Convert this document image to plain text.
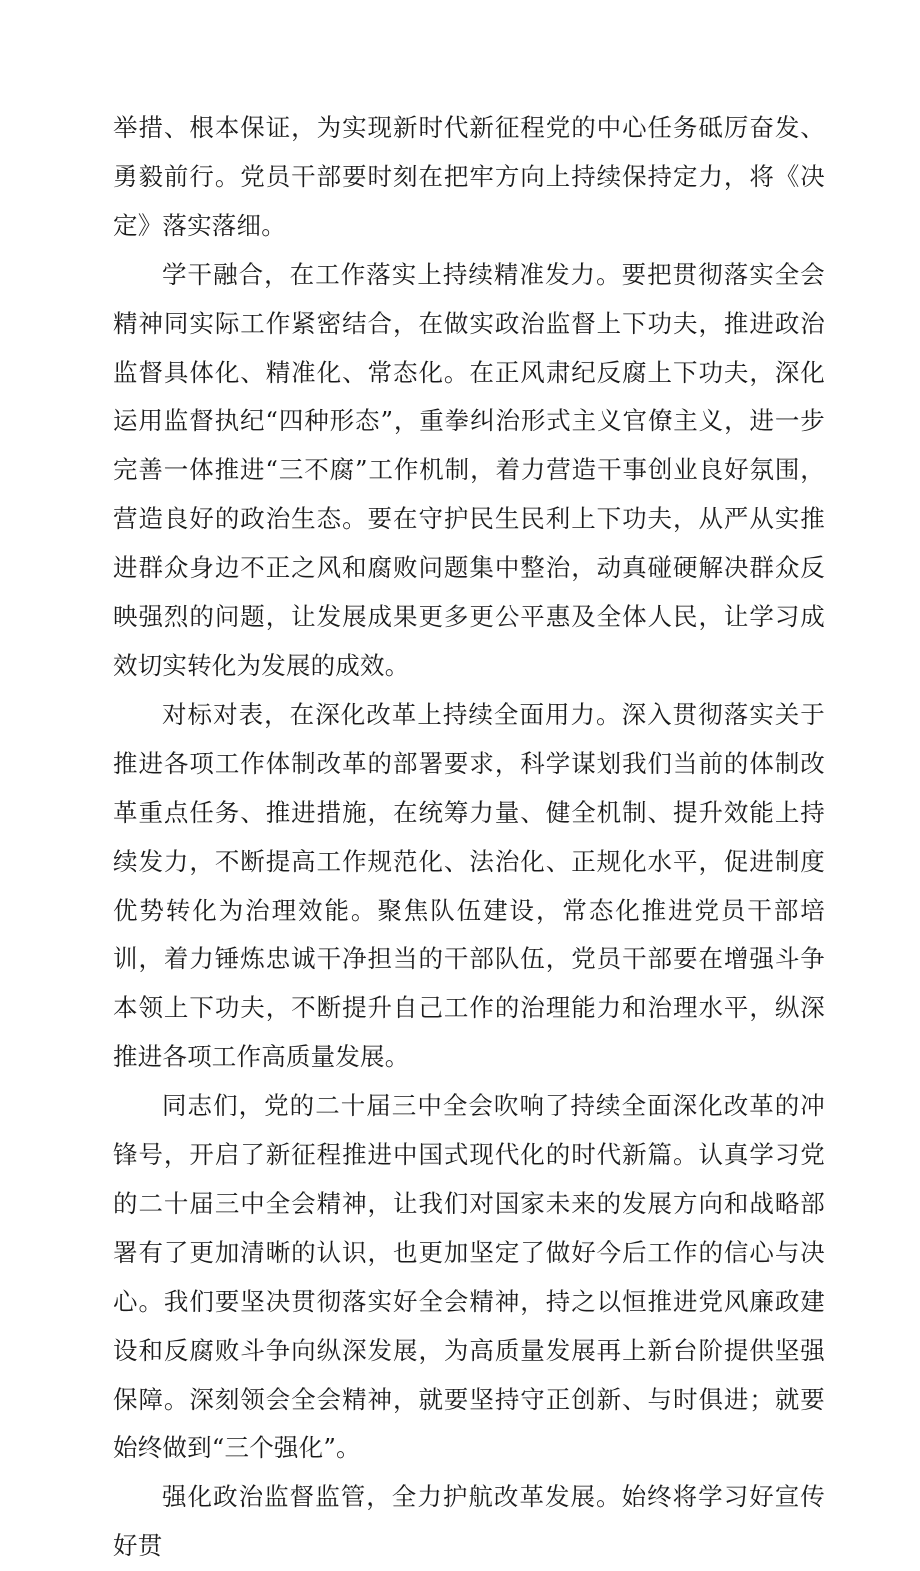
举措、根本保证，为实现新时代新征程党的中心任务砥厉奋发、勇毅前行。党员干部要时刻在把牢方向上持续保持定力，将《决定》落实落细。

学干融合，在工作落实上持续精准发力。要把贯彻落实全会精神同实际工作紧密结合，在做实政治监督上下功夫，推进政治监督具体化、精准化、常态化。在正风肃纪反腐上下功夫，深化运用监督执纪“四种形态”，重拳纠治形式主义官僚主义，进一步完善一体推进“三不腐”工作机制，着力营造干事创业良好氛围，营造良好的政治生态。要在守护民生民利上下功夫，从严从实推进群众身边不正之风和腐败问题集中整治，动真碰硬解决群众反映强烈的问题，让发展成果更多更公平惠及全体人民，让学习成效切实转化为发展的成效。

对标对表，在深化改革上持续全面用力。深入贯彻落实关于推进各项工作体制改革的部署要求，科学谋划我们当前的体制改革重点任务、推进措施，在统筹力量、健全机制、提升效能上持续发力，不断提高工作规范化、法治化、正规化水平，促进制度优势转化为治理效能。聚焦队伍建设，常态化推进党员干部培训，着力锤炼忠诚干净担当的干部队伍，党员干部要在增强斗争本领上下功夫，不断提升自己工作的治理能力和治理水平，纵深推进各项工作高质量发展。

同志们，党的二十届三中全会吹响了持续全面深化改革的冲锋号，开启了新征程推进中国式现代化的时代新篇。认真学习党的二十届三中全会精神，让我们对国家未来的发展方向和战略部署有了更加清晰的认识，也更加坚定了做好今后工作的信心与决心。我们要坚决贯彻落实好全会精神，持之以恒推进党风廉政建设和反腐败斗争向纵深发展，为高质量发展再上新台阶提供坚强保障。深刻领会全会精神，就要坚持守正创新、与时俱进；就要始终做到“三个强化”。

强化政治监督监管，全力护航改革发展。始终将学习好宣传好贯
